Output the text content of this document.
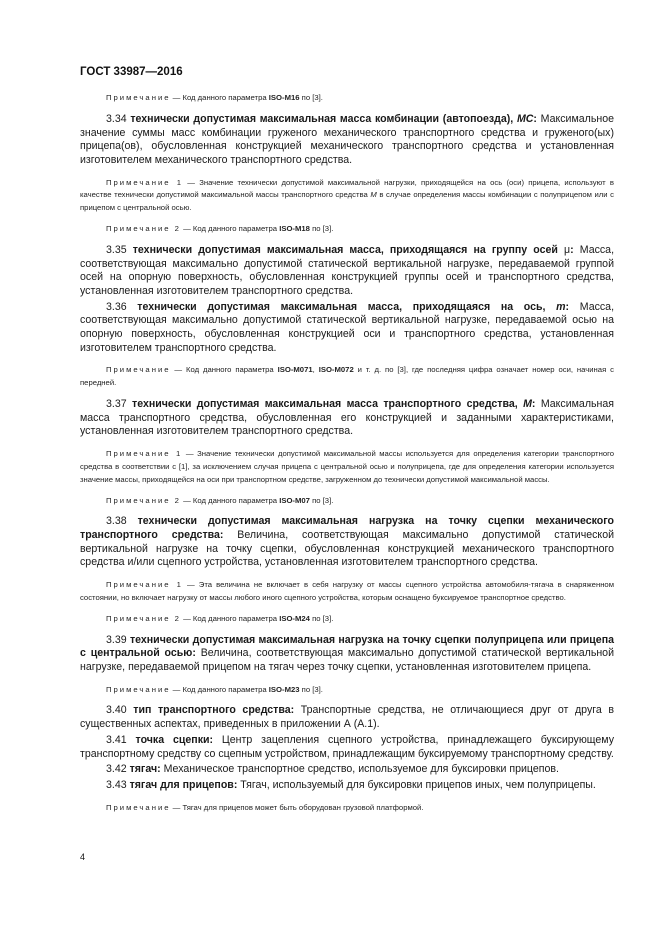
ГОСТ 33987—2016

Примечание — Код данного параметра ISO-M16 по [3].

3.34 технически допустимая максимальная масса комбинации (автопоезда), MC: Максимальное значение суммы масс комбинации груженого механического транспортного средства и груженого(ых) прицепа(ов), обусловленная конструкцией механического транспортного средства и установленная изготовителем механического транспортного средства.

Примечание 1 — Значение технически допустимой максимальной нагрузки, приходящейся на ось (оси) прицепа, используют в качестве технически допустимой максимальной массы транспортного средства М в случае определения массы комбинации с полуприцепом или с прицепом с центральной осью.

Примечание 2 — Код данного параметра ISO-M18 по [3].

3.35 технически допустимая максимальная масса, приходящаяся на группу осей μ: Масса, соответствующая максимально допустимой статической вертикальной нагрузке, передаваемой группой осей на опорную поверхность, обусловленная конструкцией группы осей и транспортного средства, установленная изготовителем транспортного средства.

3.36 технически допустимая максимальная масса, приходящаяся на ось, m: Масса, соответствующая максимально допустимой статической вертикальной нагрузке, передаваемой осью на опорную поверхность, обусловленная конструкцией оси и транспортного средства, установленная изготовителем транспортного средства.

Примечание — Код данного параметра ISO-M071, ISO-M072 и т. д. по [3], где последняя цифра означает номер оси, начиная с передней.

3.37 технически допустимая максимальная масса транспортного средства, М: Максимальная масса транспортного средства, обусловленная его конструкцией и заданными характеристиками, установленная изготовителем транспортного средства.

Примечание 1 — Значение технически допустимой максимальной массы используется для определения категории транспортного средства в соответствии с [1], за исключением случая прицепа с центральной осью и полуприцепа, где для определения категории используется значение массы, приходящейся на оси при транспортном средстве, загруженном до технически допустимой максимальной массы.

Примечание 2 — Код данного параметра ISO-M07 по [3].

3.38 технически допустимая максимальная нагрузка на точку сцепки механического транспортного средства: Величина, соответствующая максимально допустимой статической вертикальной нагрузке на точку сцепки, обусловленная конструкцией механического транспортного средства и/или сцепного устройства, установленная изготовителем транспортного средства.

Примечание 1 — Эта величина не включает в себя нагрузку от массы сцепного устройства автомобиля-тягача в снаряженном состоянии, но включает нагрузку от массы любого иного сцепного устройства, которым оснащено буксируемое транспортное средство.

Примечание 2 — Код данного параметра ISO-M24 по [3].

3.39 технически допустимая максимальная нагрузка на точку сцепки полуприцепа или прицепа с центральной осью: Величина, соответствующая максимально допустимой статической вертикальной нагрузке, передаваемой прицепом на тягач через точку сцепки, установленная изготовителем прицепа.

Примечание — Код данного параметра ISO-M23 по [3].

3.40 тип транспортного средства: Транспортные средства, не отличающиеся друг от друга в существенных аспектах, приведенных в приложении А (А.1).

3.41 точка сцепки: Центр зацепления сцепного устройства, принадлежащего буксирующему транспортному средству со сцепным устройством, принадлежащим буксируемому транспортному средству.

3.42 тягач: Механическое транспортное средство, используемое для буксировки прицепов.

3.43 тягач для прицепов: Тягач, используемый для буксировки прицепов иных, чем полуприцепы.

Примечание — Тягач для прицепов может быть оборудован грузовой платформой.

4
